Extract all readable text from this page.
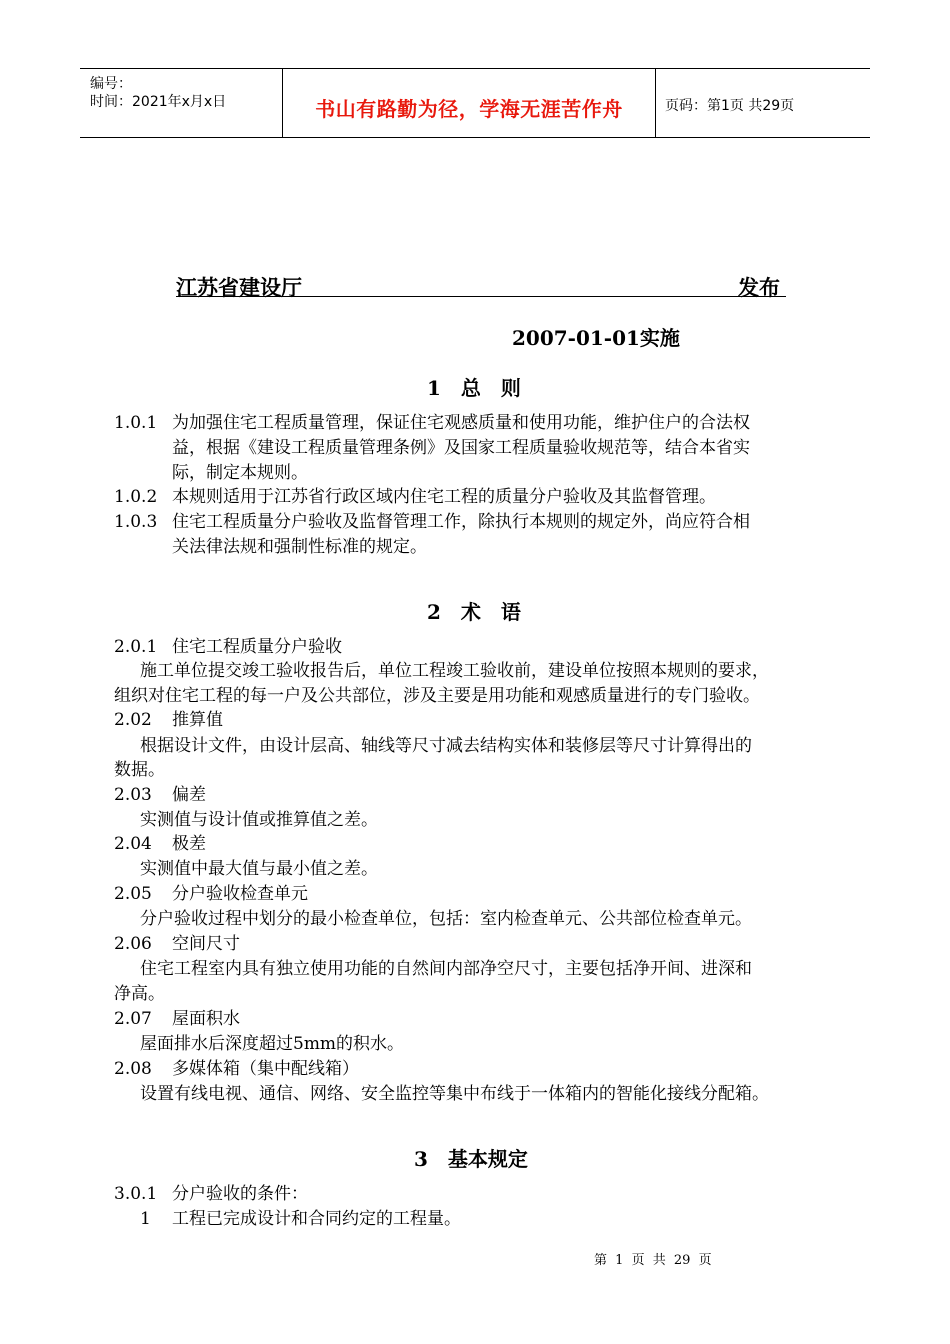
编号：
时间：2021年x月x日	书山有路勤为径，学海无涯苦作舟	页码：第1页 共29页
江苏省建设厅	发布
2007-01-01实施
1　总　则
1.0.1 为加强住宅工程质量管理，保证住宅观感质量和使用功能，维护住户的合法权
益，根据《建设工程质量管理条例》及国家工程质量验收规范等，结合本省实
际，制定本规则。
1.0.2 本规则适用于江苏省行政区域内住宅工程的质量分户验收及其监督管理。
1.0.3 住宅工程质量分户验收及监督管理工作，除执行本规则的规定外，尚应符合相
关法律法规和强制性标准的规定。
2　术　语
2.0.1 住宅工程质量分户验收
施工单位提交竣工验收报告后，单位工程竣工验收前，建设单位按照本规则的要求，
组织对住宅工程的每一户及公共部位，涉及主要是用功能和观感质量进行的专门验收。
2.02 推算值
根据设计文件，由设计层高、轴线等尺寸减去结构实体和装修层等尺寸计算得出的
数据。
2.03 偏差
实测值与设计值或推算值之差。
2.04 极差
实测值中最大值与最小值之差。
2.05 分户验收检查单元
分户验收过程中划分的最小检查单位，包括：室内检查单元、公共部位检查单元。
2.06 空间尺寸
住宅工程室内具有独立使用功能的自然间内部净空尺寸，主要包括净开间、进深和
净高。
2.07 屋面积水
屋面排水后深度超过5mm的积水。
2.08 多媒体箱（集中配线箱）
设置有线电视、通信、网络、安全监控等集中布线于一体箱内的智能化接线分配箱。
3　基本规定
3.0.1 分户验收的条件：
1 工程已完成设计和合同约定的工程量。
第 1 页 共 29 页
